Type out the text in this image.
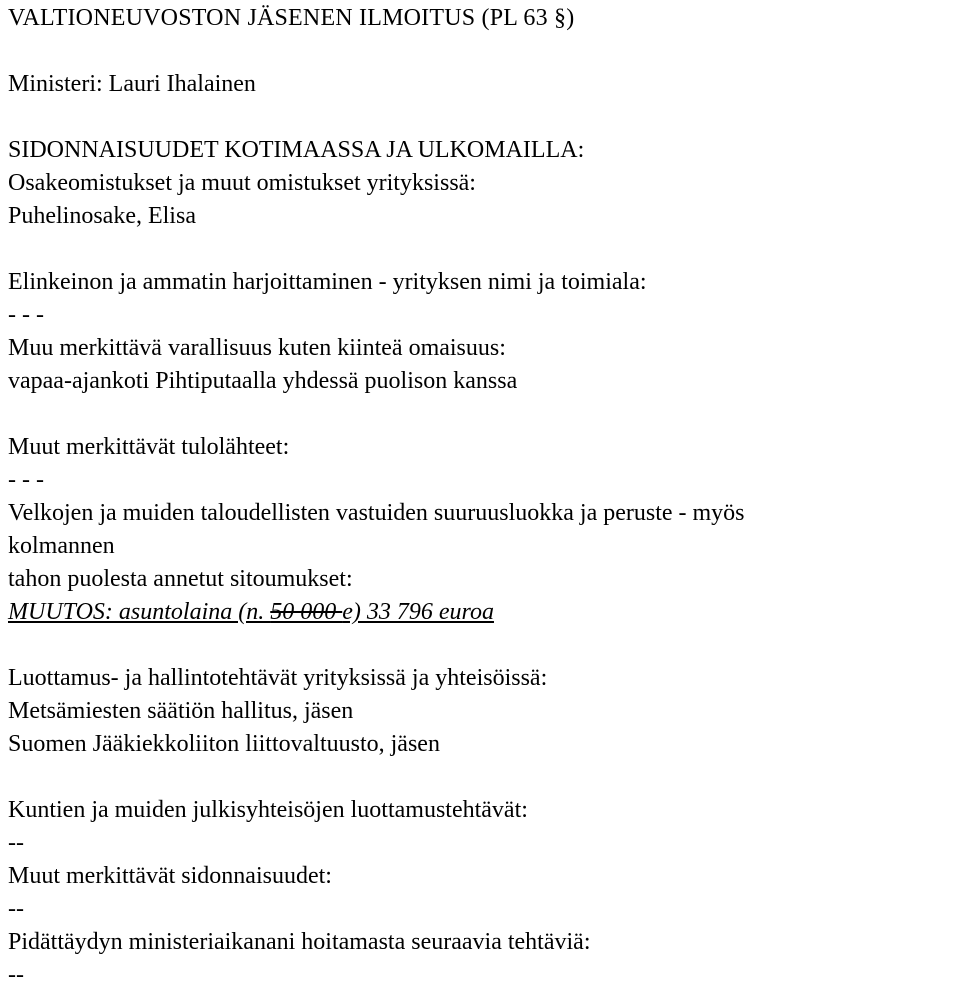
VALTIONEUVOSTON JÄSENEN ILMOITUS (PL 63 §)
Ministeri: Lauri Ihalainen
SIDONNAISUUDET KOTIMAASSA JA ULKOMAILLA:
Osakeomistukset ja muut omistukset yrityksissä:
Puhelinosake, Elisa
Elinkeinon ja ammatin harjoittaminen - yrityksen nimi ja toimiala:
- - -
Muu merkittävä varallisuus kuten kiinteä omaisuus:
vapaa-ajankoti Pihtiputaalla yhdessä puolison kanssa
Muut merkittävät tulolähteet:
- - -
Velkojen ja muiden taloudellisten vastuiden suuruusluokka ja peruste - myös
kolmannen
tahon puolesta annetut sitoumukset:
MUUTOS: asuntolaina (n. 50 000 e) 33 796 euroa
Luottamus- ja hallintotehtävät yrityksissä ja yhteisöissä:
Metsämiesten säätiön hallitus, jäsen
Suomen Jääkiekkoliiton liittovaltuusto, jäsen
Kuntien ja muiden julkisyhteisöjen luottamustehtävät:
--
Muut merkittävät sidonnaisuudet:
--
Pidättäydyn ministeriaikanani hoitamasta seuraavia tehtäviä:
--
